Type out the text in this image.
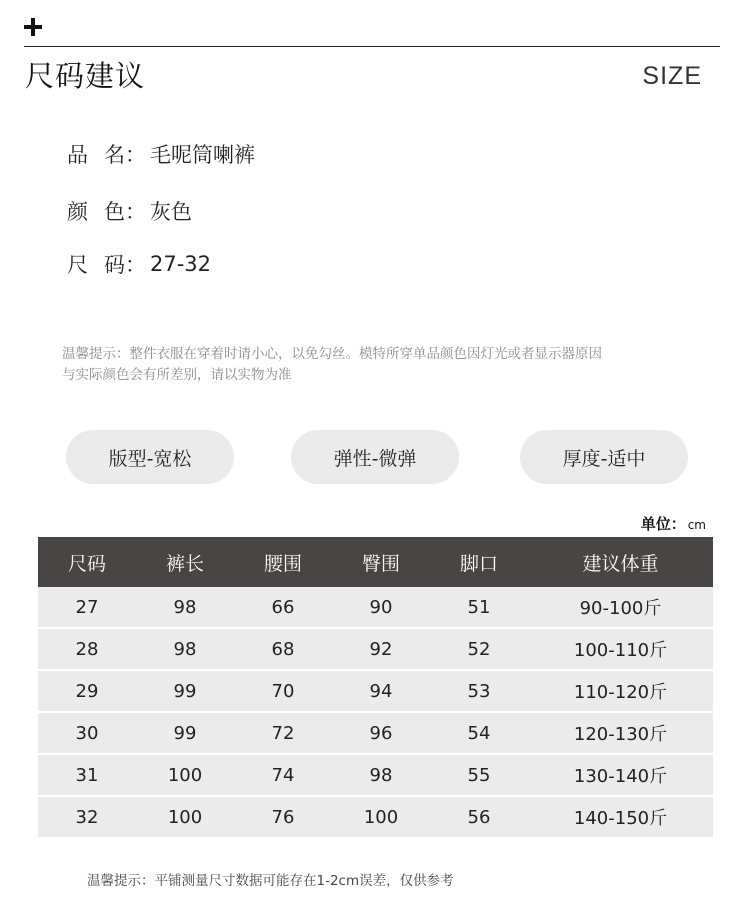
尺码建议	SIZE
品 名 ： 毛呢筒喇裤
颜 色 ： 灰色
尺 码 ： 27-32
温馨提示：整件衣服在穿着时请小心，以免勾丝。模特所穿单品颜色因灯光或者显示器原因
与实际颜色会有所差别，请以实物为准
版型-宽松	弹性-微弹	厚度-适中
单位： cm
尺码	裤长	腰围	臀围	脚口	建议体重
27	98	66	90	51	90-100斤
28	98	68	92	52	100-110斤
29	99	70	94	53	110-120斤
30	99	72	96	54	120-130斤
31	100	74	98	55	130-140斤
32	100	76	100	56	140-150斤
温馨提示：平铺测量尺寸数据可能存在1-2cm误差，仅供参考
